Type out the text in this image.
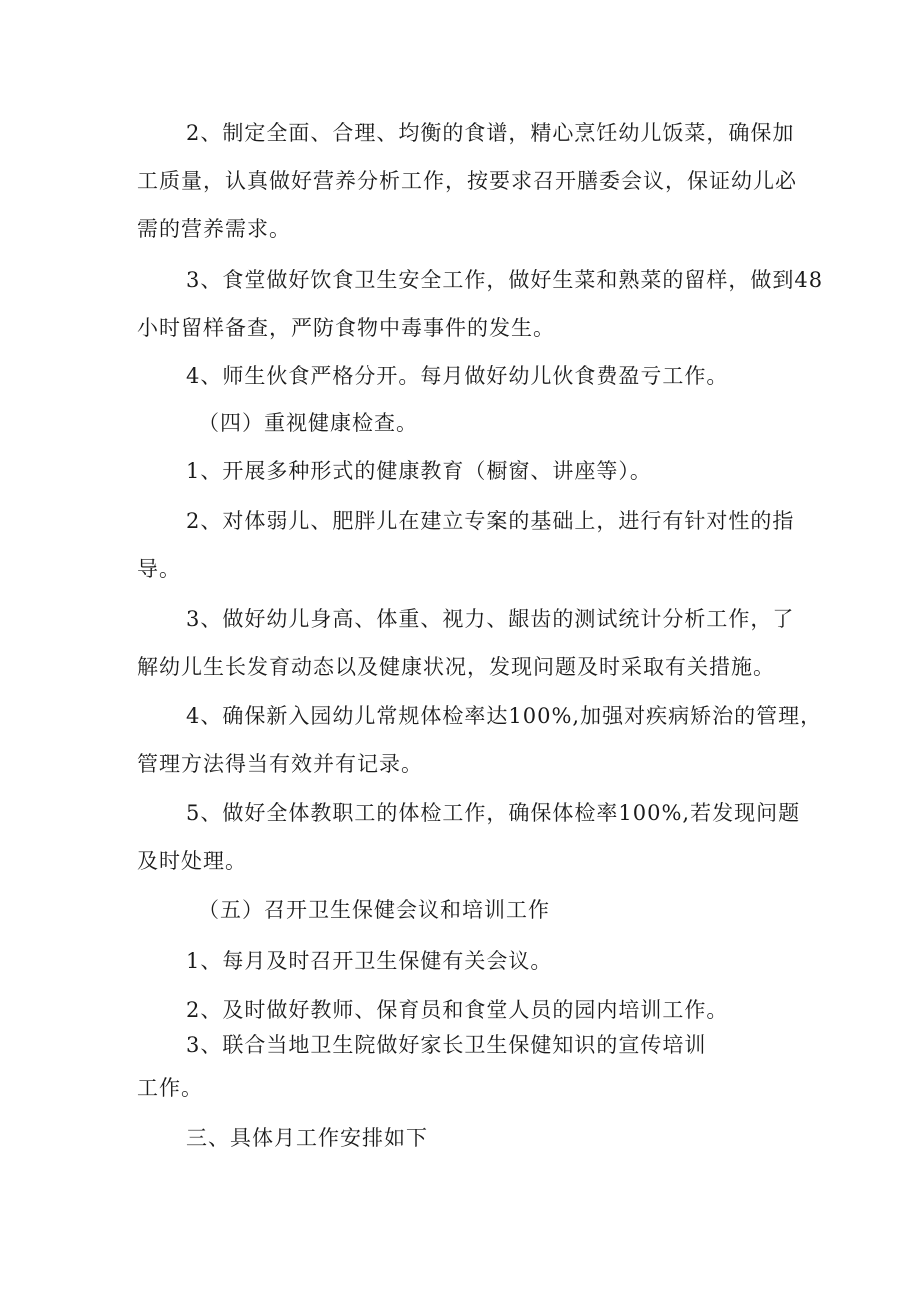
2、制定全面、合理、均衡的食谱，精心烹饪幼儿饭菜，确保加
工质量，认真做好营养分析工作，按要求召开膳委会议，保证幼儿必
需的营养需求。
3、食堂做好饮食卫生安全工作，做好生菜和熟菜的留样，做到48
小时留样备查，严防食物中毒事件的发生。
4、师生伙食严格分开。每月做好幼儿伙食费盈亏工作。
（四）重视健康检查。
1、开展多种形式的健康教育（橱窗、讲座等）。
2、对体弱儿、肥胖儿在建立专案的基础上，进行有针对性的指
导。
3、做好幼儿身高、体重、视力、龈齿的测试统计分析工作，了
解幼儿生长发育动态以及健康状况，发现问题及时采取有关措施。
4、确保新入园幼儿常规体检率达100%,加强对疾病矫治的管理，
管理方法得当有效并有记录。
5、做好全体教职工的体检工作，确保体检率100%,若发现问题
及时处理。
（五）召开卫生保健会议和培训工作
1、每月及时召开卫生保健有关会议。
2、及时做好教师、保育员和食堂人员的园内培训工作。
3、联合当地卫生院做好家长卫生保健知识的宣传培训
工作。
三、具体月工作安排如下
